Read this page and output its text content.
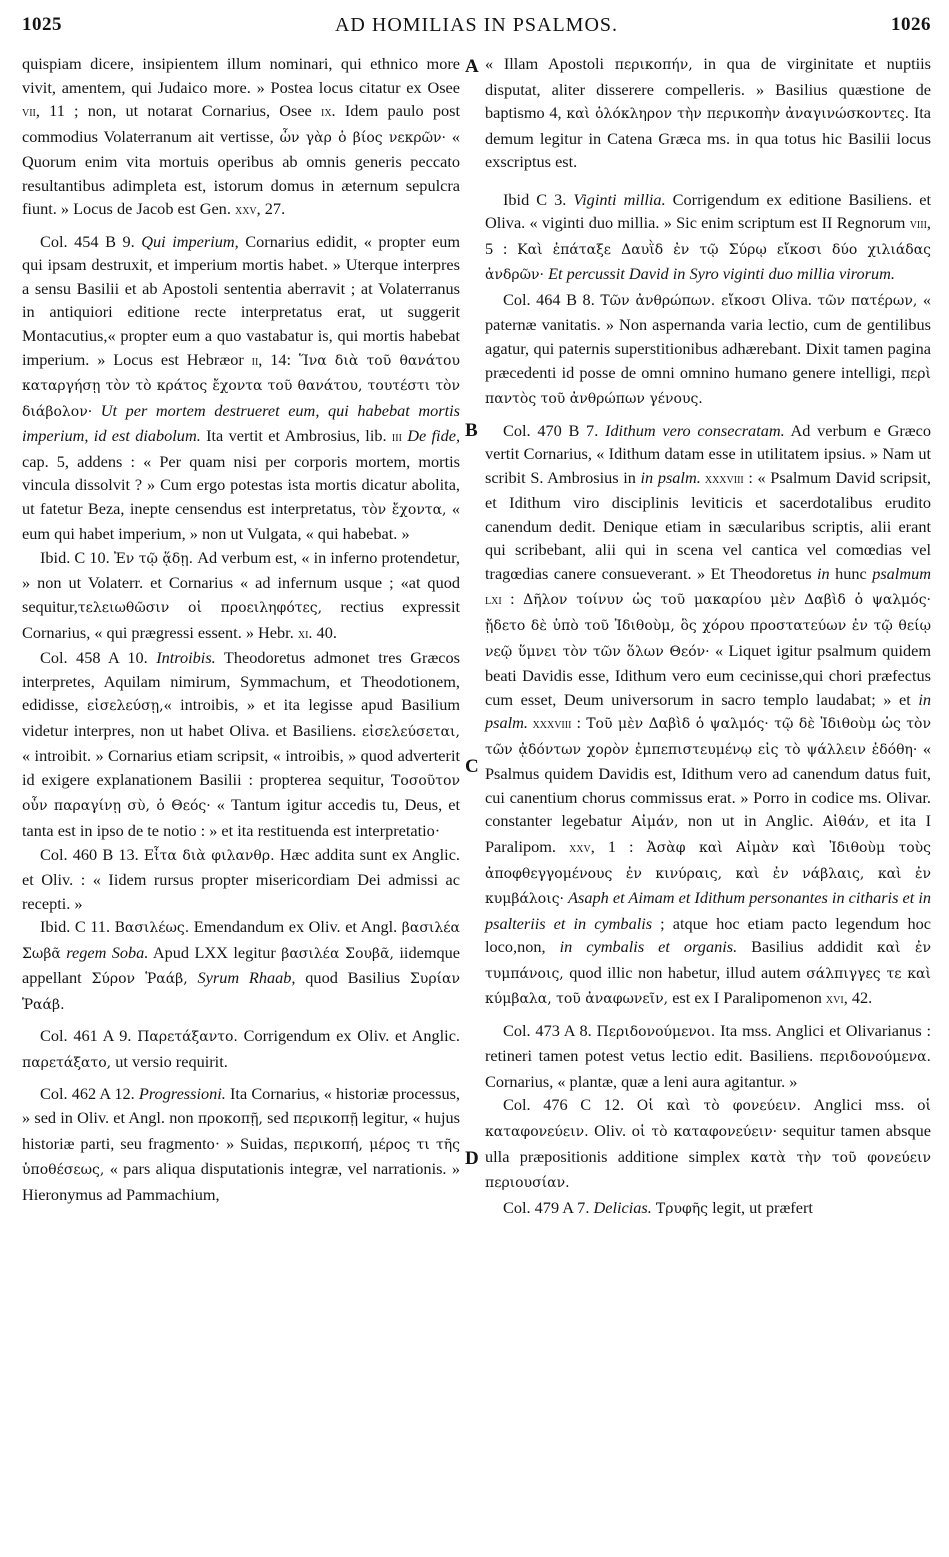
1025	AD HOMILIAS IN PSALMOS.	1026
A
B
C
D

quispiam dicere, insipientem illum nominari, qui ethnico more vivit, amentem, qui Judaico more. » Postea locus citatur ex Osee vii, 11 ; non, ut notarat Cornarius, Osee ix. Idem paulo post commodius Volaterranum ait vertisse, ὧν γὰρ ὁ βίος νεκρῶν· « Quorum enim vita mortuis operibus ab omnis generis peccato resultantibus adimpleta est, istorum domus in æternum sepulcra fiunt. » Locus de Jacob est Gen. xxv, 27.

Col. 454 B 9. Qui imperium, Cornarius edidit, « propter eum qui ipsam destruxit, et imperium mortis habet. » Uterque interpres a sensu Basilii et ab Apostoli sententia aberravit ; at Volaterranus in antiquiori editione recte interpretatus erat, ut suggerit Montacutius,« propter eum a quo vastabatur is, qui mortis habebat imperium. » Locus est Hebræor ii, 14: Ἵνα διὰ τοῦ θανάτου καταργήσῃ τὸν τὸ κράτος ἔχοντα τοῦ θανάτου, τουτέστι τὸν διάβολον· Ut per mortem destrueret eum, qui habebat mortis imperium, id est diabolum. Ita vertit et Ambrosius, lib. iii De fide, cap. 5, addens : « Per quam nisi per corporis mortem, mortis vincula dissolvit ? » Cum ergo potestas ista mortis dicatur abolita, ut fatetur Beza, inepte censendus est interpretatus, τὸν ἔχοντα, « eum qui habet imperium, » non ut Vulgata, « qui habebat. »

Ibid. C 10. Ἐν τῷ ᾅδῃ. Ad verbum est, « in inferno protendetur, » non ut Volaterr. et Cornarius « ad infernum usque ; «at quod sequitur,τελειωθῶσιν οἱ προειληφότες, rectius expressit Cornarius, « qui prægressi essent. » Hebr. xi. 40.

Col. 458 A 10. Introibis. Theodoretus admonet tres Græcos interpretes, Aquilam nimirum, Symmachum, et Theodotionem, edidisse, εἰσελεύσῃ,« introibis, » et ita legisse apud Basilium videtur interpres, non ut habet Oliva. et Basiliens. εἰσελεύσεται, « introibit. » Cornarius etiam scripsit, « introibis, » quod adverterit id exigere explanationem Basilii : propterea sequitur, Τοσοῦτον οὖν παραγίνῃ σὺ, ὁ Θεός· « Tantum igitur accedis tu, Deus, et tanta est in ipso de te notio : » et ita restituenda est interpretatio·

Col. 460 B 13. Εἶτα διὰ φιλανθρ. Hæc addita sunt ex Anglic. et Oliv. : « Iidem rursus propter misericordiam Dei admissi ac recepti. »

Ibid. C 11. Βασιλέως. Emendandum ex Oliv. et Angl. βασιλέα Σωβᾶ regem Soba. Apud LXX legitur βασιλέα Σουβᾶ, iidemque appellant Σύρον Ῥαάβ, Syrum Rhaab, quod Basilius Συρίαν Ῥαάβ.

Col. 461 A 9. Παρετάξαντο. Corrigendum ex Oliv. et Anglic. παρετάξατο, ut versio requirit.

Col. 462 A 12. Progressioni. Ita Cornarius, « historiæ processus, » sed in Oliv. et Angl. non προκοπῇ, sed περικοπῇ legitur, « hujus historiæ parti, seu fragmento· » Suidas, περικοπή, μέρος τι τῆς ὑποθέσεως, « pars aliqua disputationis integræ, vel narrationis. » Hieronymus ad Pammachium,

« Illam Apostoli περικοπήν, in qua de virginitate et nuptiis disputat, aliter disserere compelleris. » Basilius quæstione de baptismo 4, καὶ ὁλόκληρον τὴν περικοπὴν ἀναγινώσκοντες. Ita demum legitur in Catena Græca ms. in qua totus hic Basilii locus exscriptus est.

Ibid C 3. Viginti millia. Corrigendum ex editione Basiliens. et Oliva. « viginti duo millia. » Sic enim scriptum est II Regnorum viii, 5 : Καὶ ἐπάταξε Δαυῒδ ἐν τῷ Σύρῳ εἴκοσι δύο χιλιάδας ἀνδρῶν· Et percussit David in Syro viginti duo millia virorum.

Col. 464 B 8. Τῶν ἀνθρώπων. εἴκοσι Oliva. τῶν πατέρων, « paternæ vanitatis. » Non aspernanda varia lectio, cum de gentilibus agatur, qui paternis superstitionibus adhærebant. Dixit tamen pagina præcedenti id posse de omni omnino humano genere intelligi, περὶ παντὸς τοῦ ἀνθρώπων γένους.

Col. 470 B 7. Idithum vero consecratam. Ad verbum e Græco vertit Cornarius, « Idithum datam esse in utilitatem ipsius. » Nam ut scribit S. Ambrosius in in psalm. xxxviii : « Psalmum David scripsit, et Idithum viro disciplinis leviticis et sacerdotalibus erudito canendum dedit. Denique etiam in sæcularibus scriptis, alii erant qui scribebant, alii qui in scena vel cantica vel comœdias vel tragœdias canere consueverant. » Et Theodoretus in hunc psalmum lxi : Δῆλον τοίνυν ὡς τοῦ μακαρίου μὲν Δαβὶδ ὁ ψαλμός· ᾔδετο δὲ ὑπὸ τοῦ Ἰδιθοὺμ, ὃς χόρου προστατεύων ἐν τῷ θείῳ νεῷ ὕμνει τὸν τῶν ὅλων Θεόν· « Liquet igitur psalmum quidem beati Davidis esse, Idithum vero eum cecinisse,qui chori præfectus cum esset, Deum universorum in sacro templo laudabat; » et in psalm. xxxviii : Τοῦ μὲν Δαβὶδ ὁ ψαλμός· τῷ δὲ Ἰδιθοὺμ ὡς τὸν τῶν ᾀδόντων χορὸν ἐμπεπιστευμένῳ εἰς τὸ ψάλλειν ἐδόθη· « Psalmus quidem Davidis est, Idithum vero ad canendum datus fuit, cui canentium chorus commissus erat. » Porro in codice ms. Olivar. constanter legebatur Αἰμάν, non ut in Anglic. Αἰθάν, et ita I Paralipom. xxv, 1 : Ἀσὰφ καὶ Αἰμὰν καὶ Ἰδιθοὺμ τοὺς ἀποφθεγγομένους ἐν κινύραις, καὶ ἐν νάβλαις, καὶ ἐν κυμβάλοις· Asaph et Aimam et Idithum personantes in citharis et in psalteriis et in cymbalis ; atque hoc etiam pacto legendum hoc loco,non, in cymbalis et organis. Basilius addidit καὶ ἐν τυμπάνοις, quod illic non habetur, illud autem σάλπιγγες τε καὶ κύμβαλα, τοῦ ἀναφωνεῖν, est ex I Paralipomenon xvi, 42.

Col. 473 A 8. Περιδονούμενοι. Ita mss. Anglici et Olivarianus : retineri tamen potest vetus lectio edit. Basiliens. περιδονούμενα. Cornarius, « plantæ, quæ a leni aura agitantur. »

Col. 476 C 12. Οἱ καὶ τὸ φονεύειν. Anglici mss. οἱ καταφονεύειν. Oliv. οἱ τὸ καταφονεύειν· sequitur tamen absque ulla præpositionis additione simplex κατὰ τὴν τοῦ φονεύειν περιουσίαν.

Col. 479 A 7. Delicias. Τρυφῆς legit, ut præfert
